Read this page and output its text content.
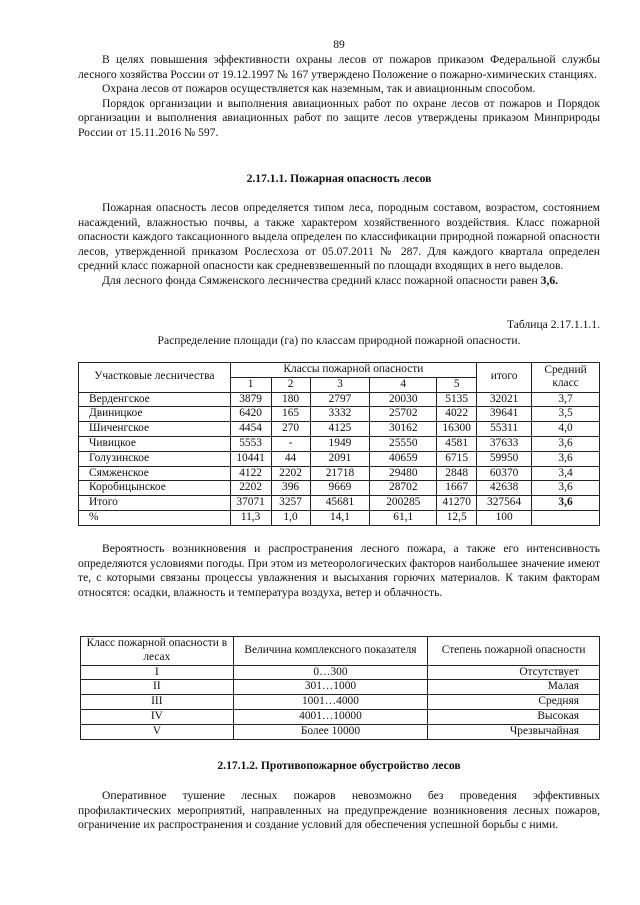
89

В целях повышения эффективности охраны лесов от пожаров приказом Федеральной службы лесного хозяйства России от 19.12.1997 № 167 утверждено Положение о пожарно-химических станциях.

Охрана лесов от пожаров осуществляется как наземным, так и авиационным способом.

Порядок организации и выполнения авиационных работ по охране лесов от пожаров и Порядок организации и выполнения авиационных работ по защите лесов утверждены приказом Минприроды России от 15.11.2016 № 597.

2.17.1.1. Пожарная опасность лесов

Пожарная опасность лесов определяется типом леса, породным составом, возрастом, состоянием насаждений, влажностью почвы, а также характером хозяйственного воздействия. Класс пожарной опасности каждого таксационного выдела определен по классификации природной пожарной опасности лесов, утвержденной приказом Рослесхоза от 05.07.2011 № 287. Для каждого квартала определен средний класс пожарной опасности как средневзвешенный по площади входящих в него выделов.

Для лесного фонда Сямженского лесничества средний класс пожарной опасности равен 3,6.

Таблица 2.17.1.1.1.
Распределение площади (га) по классам природной пожарной опасности.
Участковые лесничества	Классы пожарной опасности					итого	Средний класс
	1	2	3	4	5		
Верденгское	3879	180	2797	20030	5135	32021	3,7
Двиницкое	6420	165	3332	25702	4022	39641	3,5
Шиченгское	4454	270	4125	30162	16300	55311	4,0
Чивицкое	5553	-	1949	25550	4581	37633	3,6
Голузинское	10441	44	2091	40659	6715	59950	3,6
Сямженское	4122	2202	21718	29480	2848	60370	3,4
Коробицынское	2202	396	9669	28702	1667	42638	3,6
Итого	37071	3257	45681	200285	41270	327564	3,6
%	11,3	1,0	14,1	61,1	12,5	100	

Вероятность возникновения и распространения лесного пожара, а также его интенсивность определяются условиями погоды. При этом из метеорологических факторов наибольшее значение имеют те, с которыми связаны процессы увлажнения и высыхания горючих материалов. К таким факторам относятся: осадки, влажность и температура воздуха, ветер и облачность.

Класс пожарной опасности в лесах	Величина комплексного показателя	Степень пожарной опасности
I	0…300	Отсутствует
II	301…1000	Малая
III	1001…4000	Средняя
IV	4001…10000	Высокая
V	Более 10000	Чрезвычайная
2.17.1.2. Противопожарное обустройство лесов

Оперативное тушение лесных пожаров невозможно без проведения эффективных профилактических мероприятий, направленных на предупреждение возникновения лесных пожаров, ограничение их распространения и создание условий для обеспечения успешной борьбы с ними.
